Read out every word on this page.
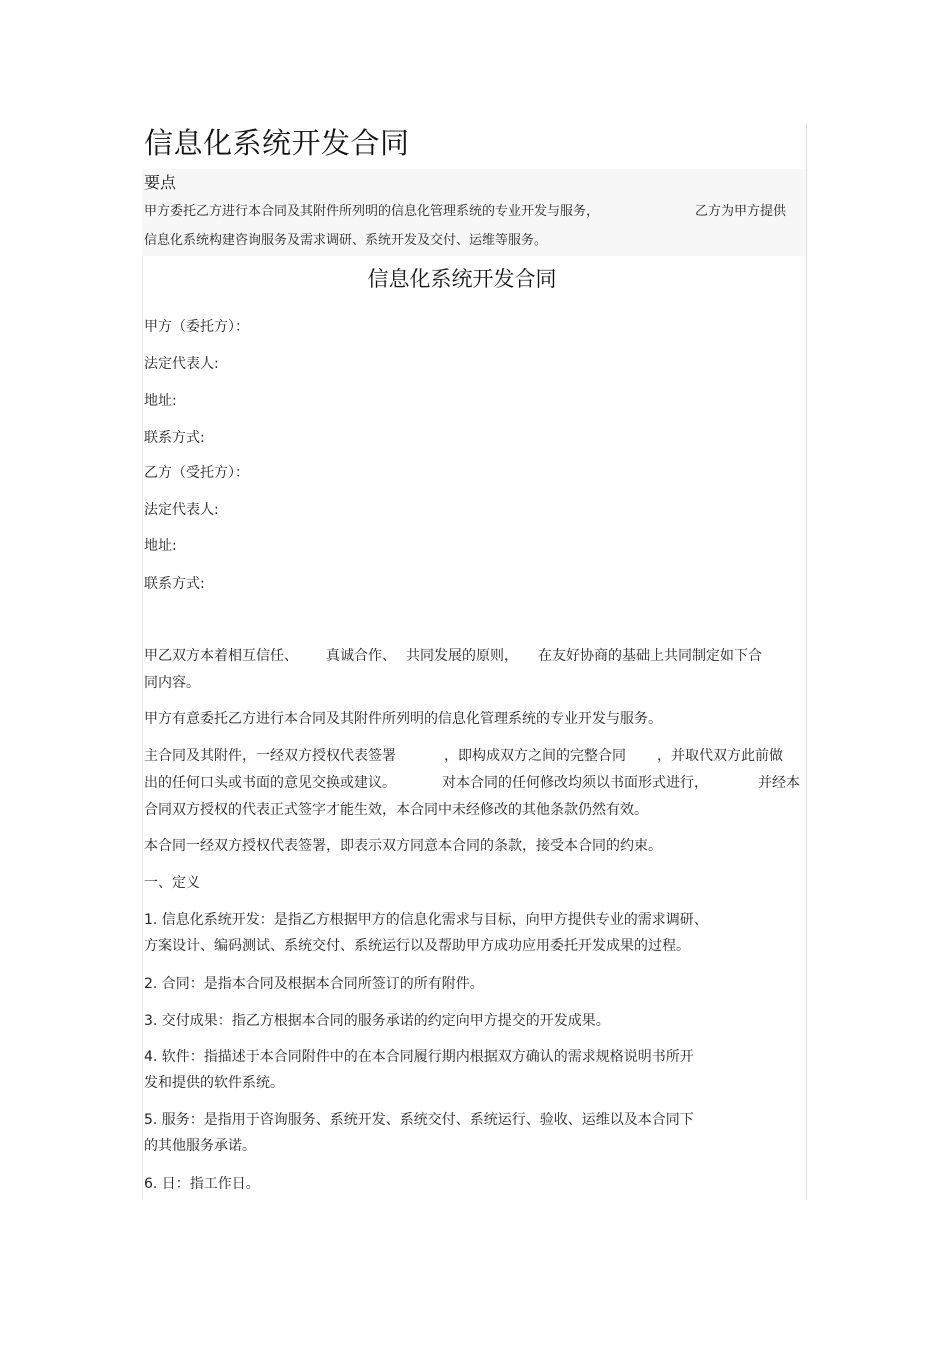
信息化系统开发合同
要点
甲方委托乙方进行本合同及其附件所列明的信息化管理系统的专业开发与服务，	乙方为甲方提供
信息化系统构建咨询服务及需求调研、系统开发及交付、运维等服务。
信息化系统开发合同
甲方（委托方）：
法定代表人:
地址:
联系方式:
乙方（受托方）：
法定代表人:
地址:
联系方式:
甲乙双方本着相互信任、 真诚合作、 共同发展的原则， 在友好协商的基础上共同制定如下合
同内容。
甲方有意委托乙方进行本合同及其附件所列明的信息化管理系统的专业开发与服务。
主合同及其附件，一经双方授权代表签署	，即构成双方之间的完整合同 ，并取代双方此前做
出的任何口头或书面的意见交换或建议。	对本合同的任何修改均须以书面形式进行，	并经本
合同双方授权的代表正式签字才能生效，本合同中未经修改的其他条款仍然有效。
本合同一经双方授权代表签署，即表示双方同意本合同的条款，接受本合同的约束。
一、定义
1. 信息化系统开发：是指乙方根据甲方的信息化需求与目标，向甲方提供专业的需求调研、
方案设计、编码测试、系统交付、系统运行以及帮助甲方成功应用委托开发成果的过程。
2. 合同：是指本合同及根据本合同所签订的所有附件。
3. 交付成果：指乙方根据本合同的服务承诺的约定向甲方提交的开发成果。
4. 软件：指描述于本合同附件中的在本合同履行期内根据双方确认的需求规格说明书所开
发和提供的软件系统。
5. 服务：是指用于咨询服务、系统开发、系统交付、系统运行、验收、运维以及本合同下
的其他服务承诺。
6. 日：指工作日。
